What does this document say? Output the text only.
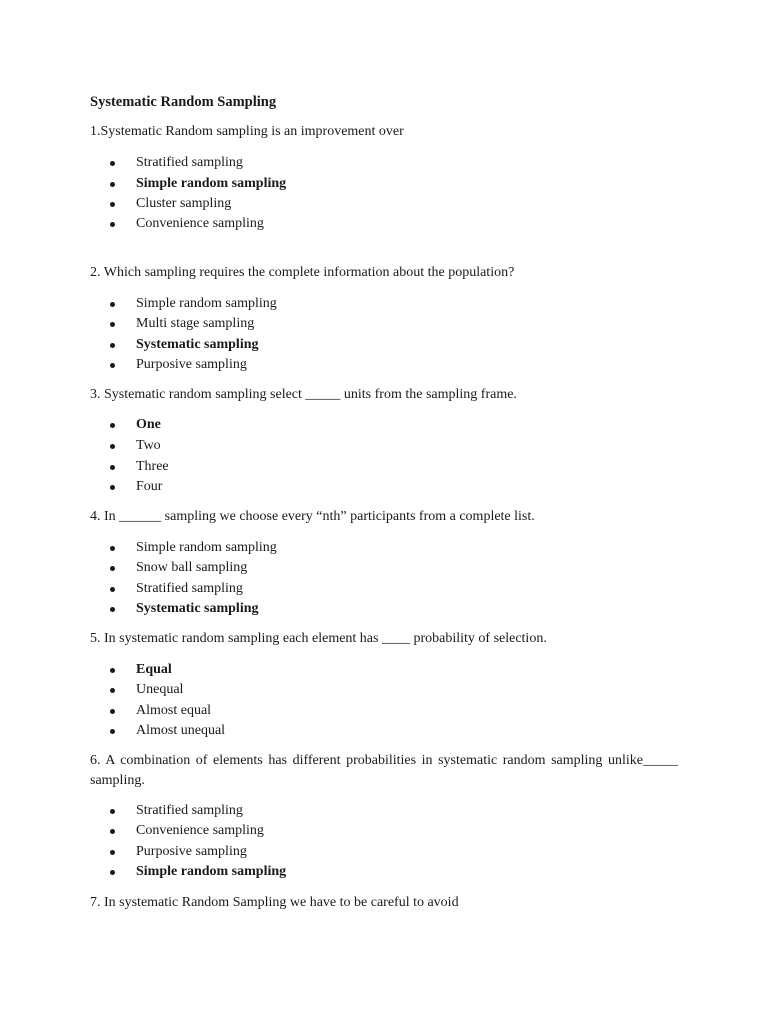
Systematic Random Sampling
1.Systematic Random sampling is an improvement over
Stratified sampling
Simple random sampling
Cluster sampling
Convenience sampling
2. Which sampling requires the complete information about the population?
Simple random sampling
Multi stage sampling
Systematic sampling
Purposive sampling
3. Systematic random sampling select _____ units from the sampling frame.
One
Two
Three
Four
4. In ______ sampling we choose every “nth” participants from a complete list.
Simple random sampling
Snow ball sampling
Stratified sampling
Systematic sampling
5. In systematic random sampling each element has ____ probability of selection.
Equal
Unequal
Almost equal
Almost unequal
6. A combination of elements has different probabilities in systematic random sampling unlike_____ sampling.
Stratified sampling
Convenience sampling
Purposive sampling
Simple random sampling
7. In systematic Random Sampling we have to be careful to avoid
